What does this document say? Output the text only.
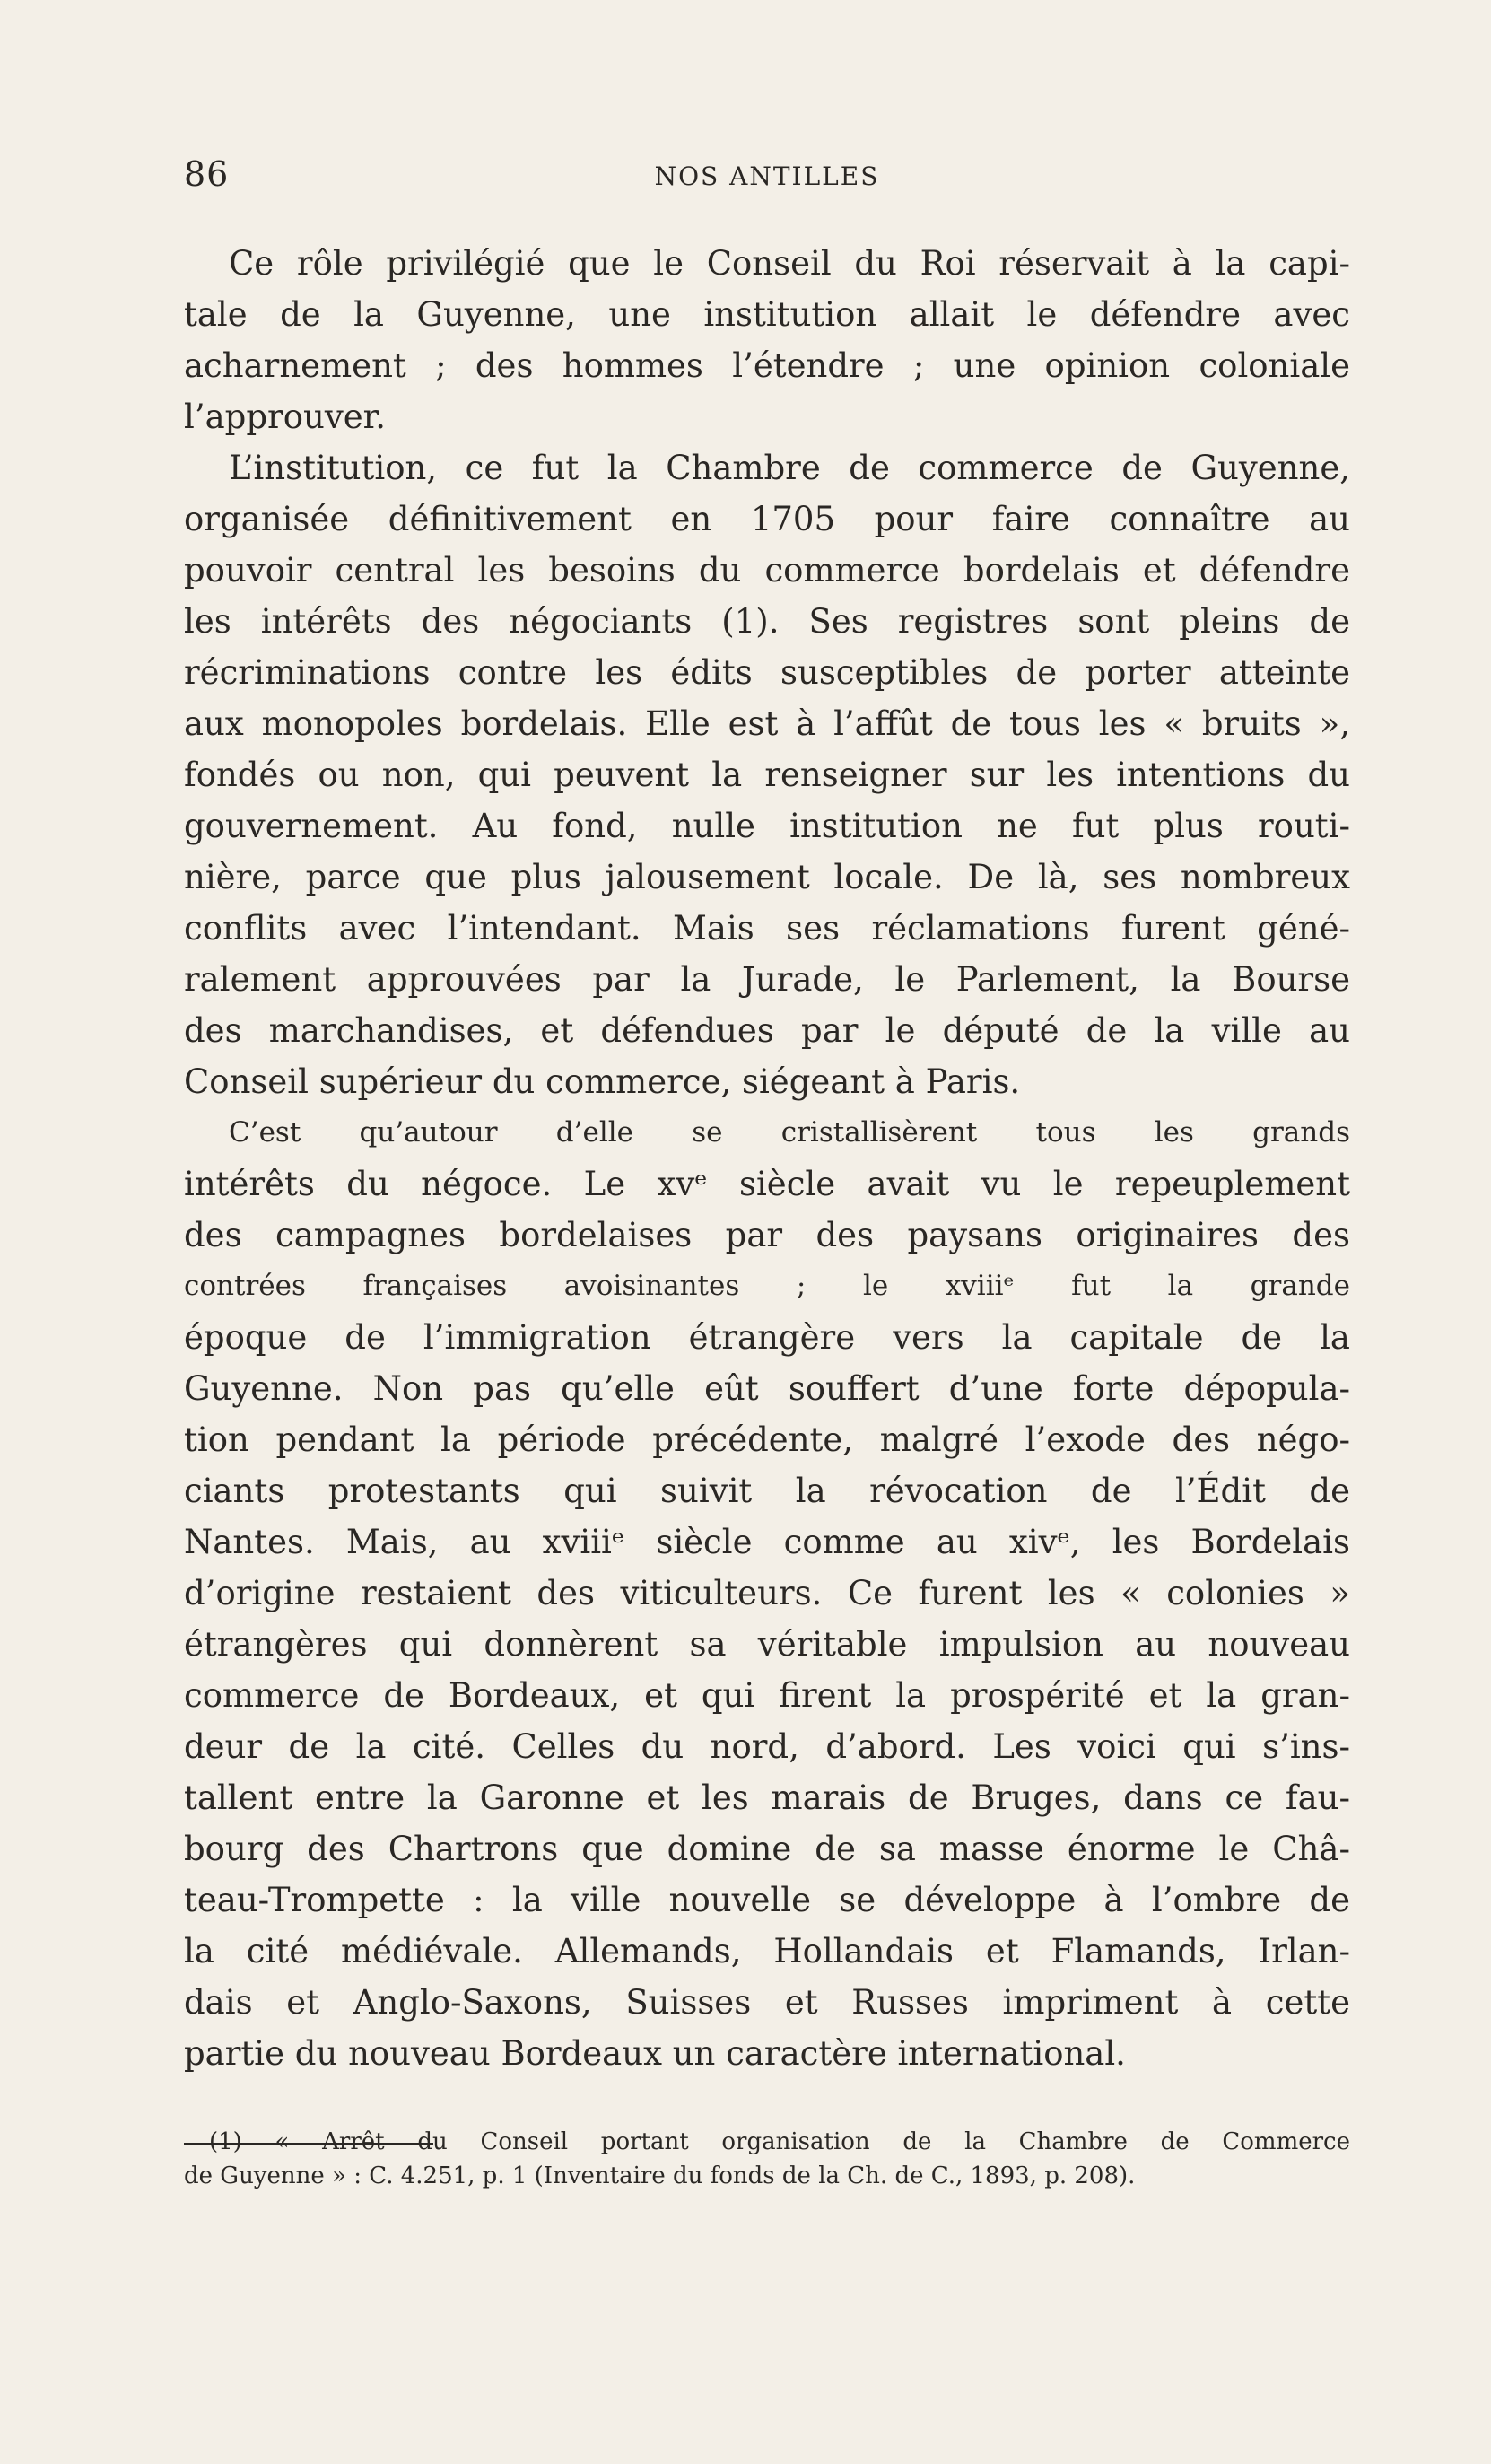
86	NOS ANTILLES
Ce rôle privilégié que le Conseil du Roi réservait à la capi-
tale de la Guyenne, une institution allait le défendre avec
acharnement ; des hommes l’étendre ; une opinion coloniale
l’approuver.
L’institution, ce fut la Chambre de commerce de Guyenne,
organisée définitivement en 1705 pour faire connaître au
pouvoir central les besoins du commerce bordelais et défendre
les intérêts des négociants (1). Ses registres sont pleins de
récriminations contre les édits susceptibles de porter atteinte
aux monopoles bordelais. Elle est à l’affût de tous les « bruits »,
fondés ou non, qui peuvent la renseigner sur les intentions du
gouvernement. Au fond, nulle institution ne fut plus routi-
nière, parce que plus jalousement locale. De là, ses nombreux
conflits avec l’intendant. Mais ses réclamations furent géné-
ralement approuvées par la Jurade, le Parlement, la Bourse
des marchandises, et défendues par le député de la ville au
Conseil supérieur du commerce, siégeant à Paris.
C’est qu’autour d’elle se cristallisèrent tous les grands
intérêts du négoce. Le xvᵉ siècle avait vu le repeuplement
des campagnes bordelaises par des paysans originaires des
contrées françaises avoisinantes ; le xviiiᵉ fut la grande
époque de l’immigration étrangère vers la capitale de la
Guyenne. Non pas qu’elle eût souffert d’une forte dépopula-
tion pendant la période précédente, malgré l’exode des négo-
ciants protestants qui suivit la révocation de l’Édit de
Nantes. Mais, au xviiiᵉ siècle comme au xivᵉ, les Bordelais
d’origine restaient des viticulteurs. Ce furent les « colonies »
étrangères qui donnèrent sa véritable impulsion au nouveau
commerce de Bordeaux, et qui firent la prospérité et la gran-
deur de la cité. Celles du nord, d’abord. Les voici qui s’ins-
tallent entre la Garonne et les marais de Bruges, dans ce fau-
bourg des Chartrons que domine de sa masse énorme le Châ-
teau-Trompette : la ville nouvelle se développe à l’ombre de
la cité médiévale. Allemands, Hollandais et Flamands, Irlan-
dais et Anglo-Saxons, Suisses et Russes impriment à cette
partie du nouveau Bordeaux un caractère international.
(1) « Arrêt du Conseil portant organisation de la Chambre de Commerce
de Guyenne » : C. 4.251, p. 1 (Inventaire du fonds de la Ch. de C., 1893, p. 208).
